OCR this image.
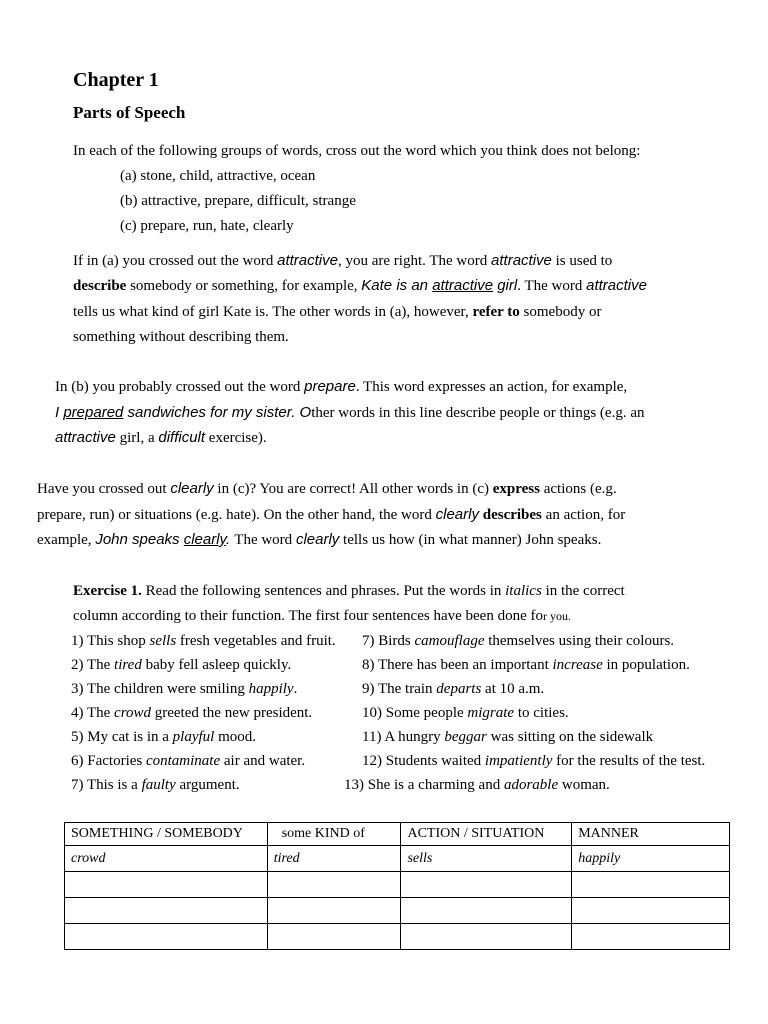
Chapter 1
Parts of Speech
In each of the following groups of words, cross out the word which you think does not belong:
(a) stone, child, attractive, ocean
(b) attractive, prepare, difficult, strange
(c) prepare, run, hate, clearly
If in (a) you crossed out the word attractive, you are right. The word attractive is used to
describe somebody or something, for example, Kate is an attractive girl. The word attractive
tells us what kind of girl Kate is. The other words in (a), however, refer to somebody or
something without describing them.
In (b) you probably crossed out the word prepare. This word expresses an action, for example,
I prepared sandwiches for my sister. Other words in this line describe people or things (e.g. an
attractive girl, a difficult exercise).
Have you crossed out clearly in (c)? You are correct! All other words in (c) express actions (e.g.
prepare, run) or situations (e.g. hate). On the other hand, the word clearly describes an action, for
example, John speaks clearly. The word clearly tells us how (in what manner) John speaks.
Exercise 1. Read the following sentences and phrases. Put the words in italics in the correct
column according to their function. The first four sentences have been done for you.
1) This shop sells fresh vegetables and fruit.
2) The tired baby fell asleep quickly.
3) The children were smiling happily.
4) The crowd greeted the new president.
5) My cat is in a playful mood.
6) Factories contaminate air and water.
7) This is a faulty argument.
7) Birds camouflage themselves using their colours.
8) There has been an important increase in population.
9) The train departs at 10 a.m.
10) Some people migrate to cities.
11) A hungry beggar was sitting on the sidewalk
12) Students waited impatiently for the results of the test.
13) She is a charming and adorable woman.
SOMETHING / SOMEBODY	some KIND of	ACTION / SITUATION	MANNER
crowd	tired	sells	happily
